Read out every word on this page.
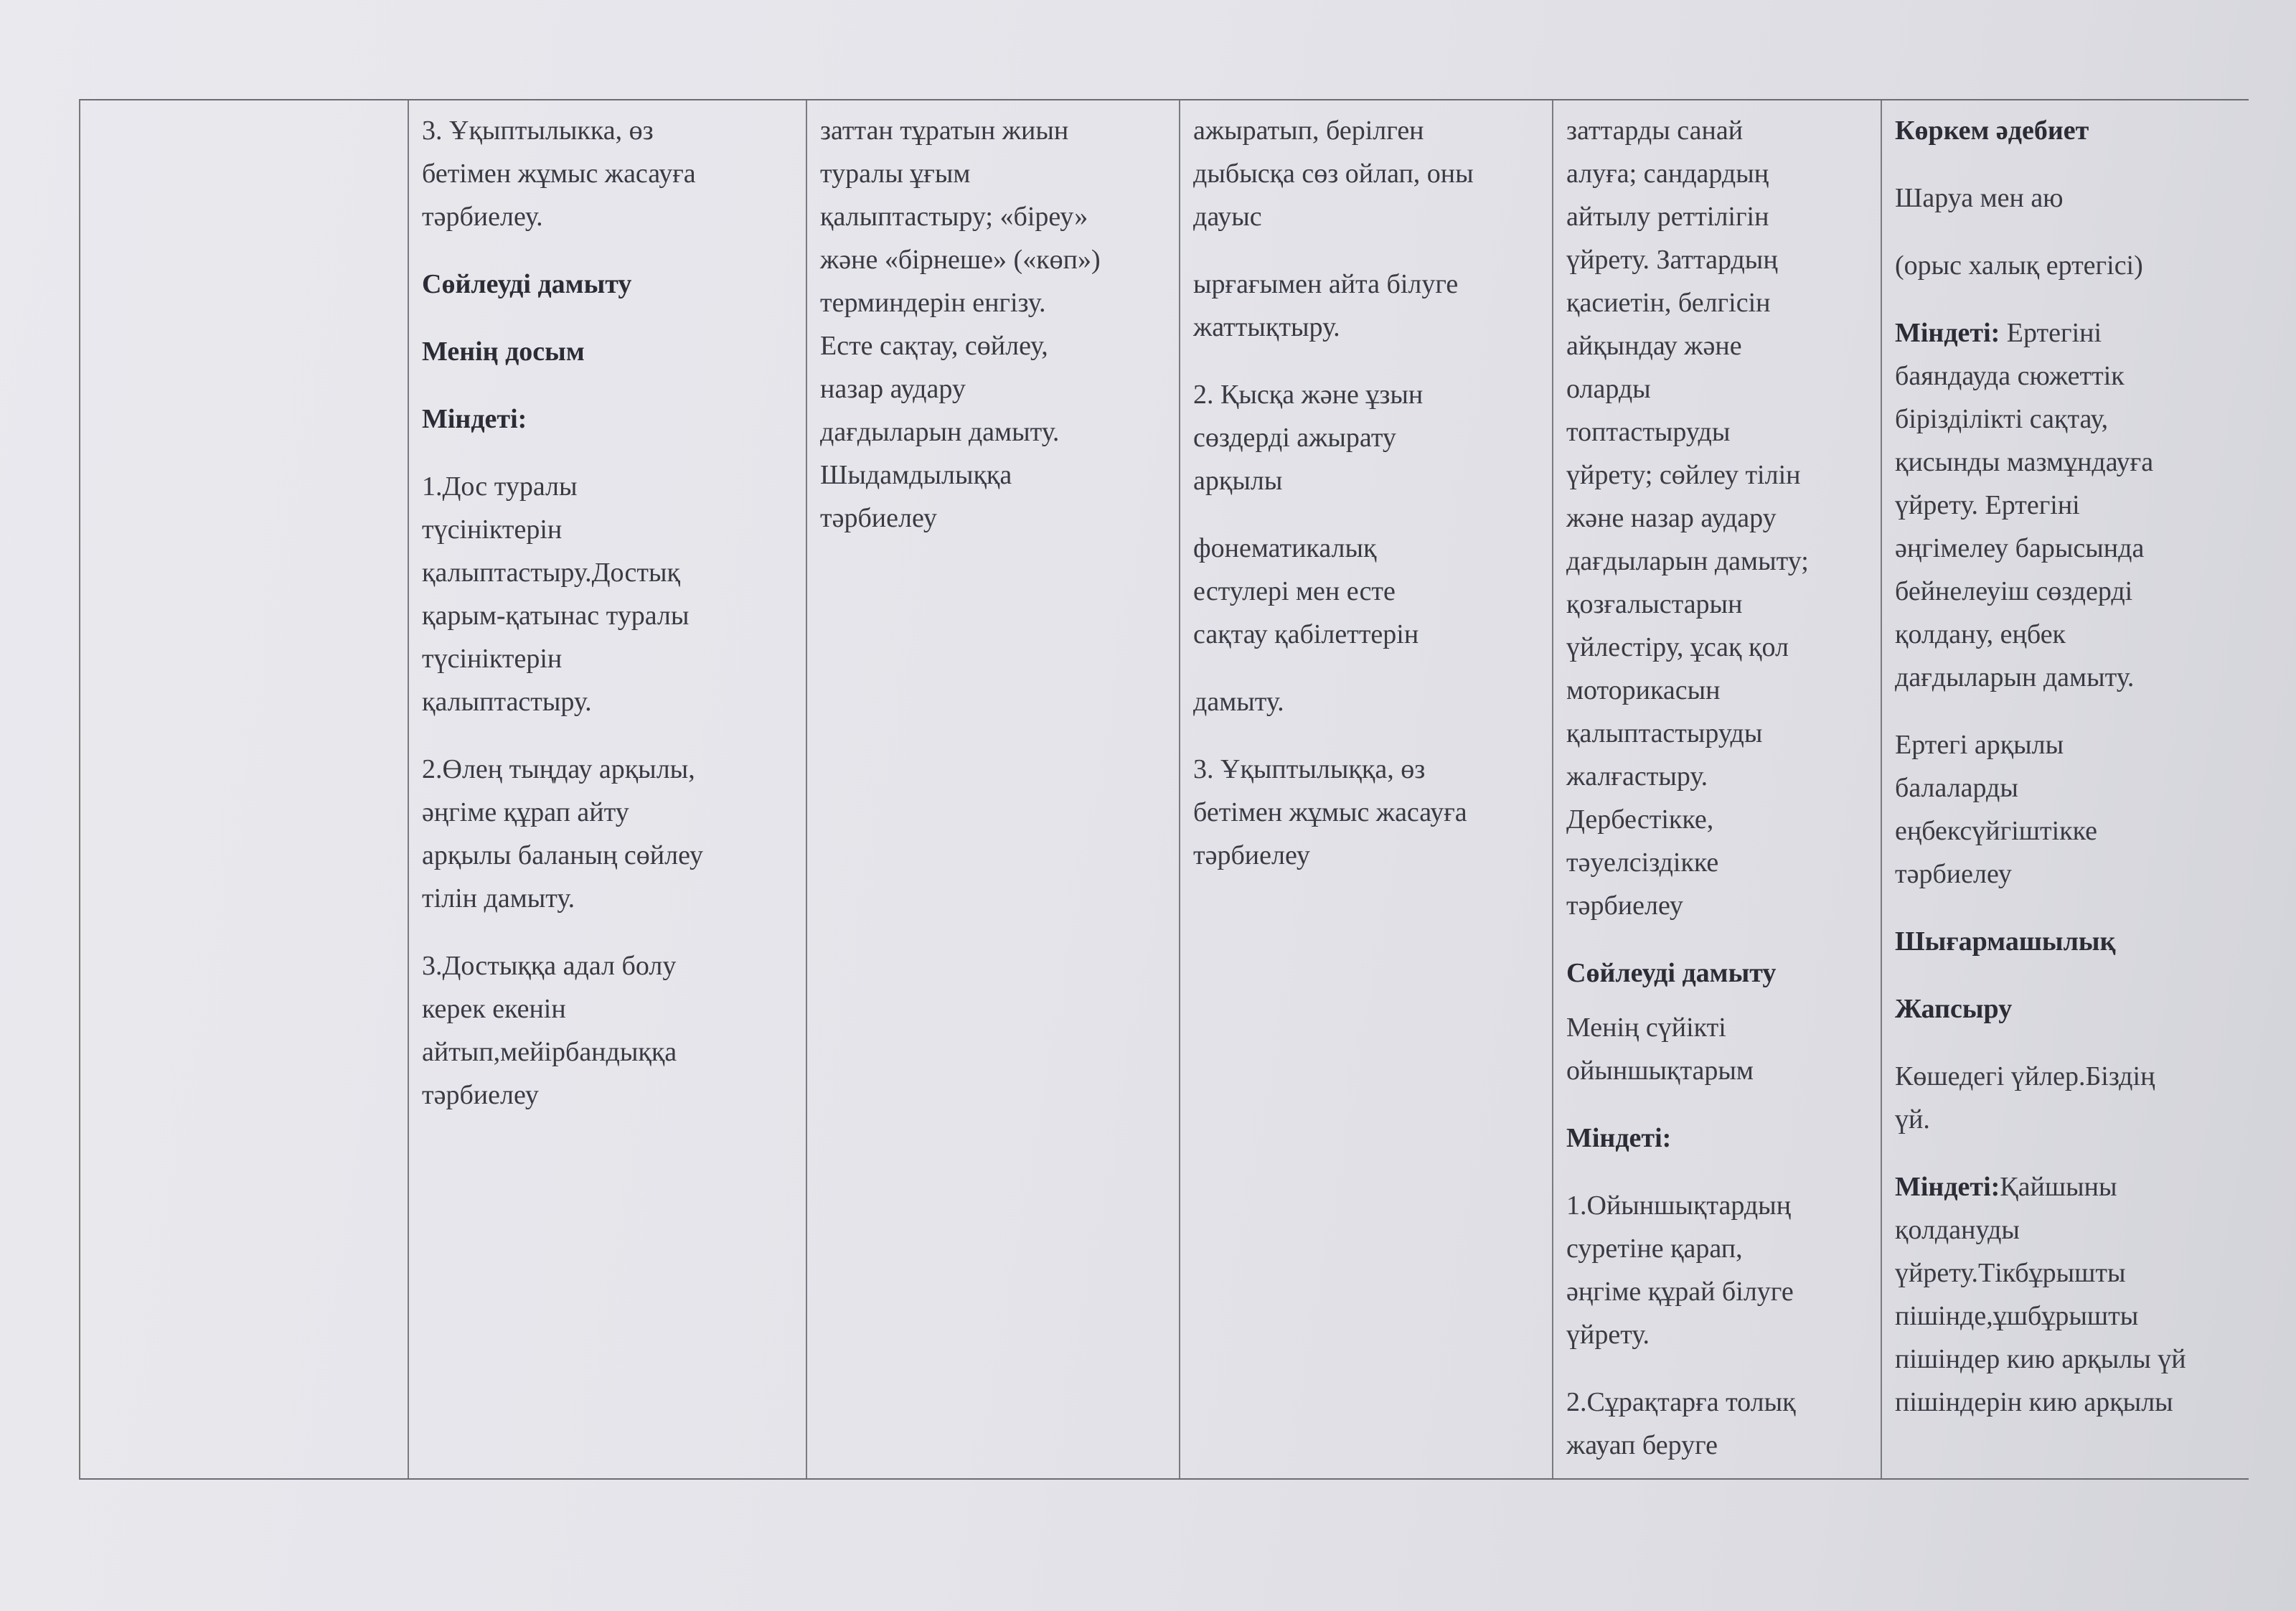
3. Ұқыптылыкка, өз
бетімен жұмыс жасауға
тәрбиелеу.

Сөйлеуді дамыту

Менің досым

Міндеті:

1.Дос туралы
түсініктерін
қалыптастыру.Достық
қарым-қатынас туралы
түсініктерін
қалыптастыру.

2.Өлең тыңдау арқылы,
әңгіме құрап айту
арқылы баланың сөйлеу
тілін дамыту.

3.Достыққа адал болу
керек екенін
айтып,мейірбандыққа
тәрбиелеу

заттан тұратын жиын
туралы ұғым
қалыптастыру; «біреу»
және «бірнеше» («көп»)
терминдерін енгізу.
Есте сақтау, сөйлеу,
назар аудару
дағдыларын дамыту.
Шыдамдылыққа
тәрбиелеу

ажыратып, берілген
дыбысқа сөз ойлап, оны
дауыс

ырғағымен айта білуге
жаттықтыру.

2. Қысқа және ұзын
сөздерді ажырату
арқылы

фонематикалық
естулері мен есте
сақтау қабілеттерін

дамыту.

3. Ұқыптылыққа, өз
бетімен жұмыс жасауға
тәрбиелеу

заттарды санай
алуға; сандардың
айтылу реттілігін
үйрету. Заттардың
қасиетін, белгісін
айқындау және
оларды
топтастыруды
үйрету; сөйлеу тілін
және назар аудару
дағдыларын дамыту;
қозғалыстарын
үйлестіру, ұсақ қол
моторикасын
қалыптастыруды
жалғастыру.
Дербестікке,
тәуелсіздікке
тәрбиелеу

Сөйлеуді дамыту

Менің сүйікті
ойыншықтарым

Міндеті:

1.Ойыншықтардың
суретіне қарап,
әңгіме құрай білуге
үйрету.

2.Сұрақтарға толық
жауап беруге

Көркем әдебиет

Шаруа мен аю

(орыс халық ертегісі)

Міндеті: Ертегіні
баяндауда сюжеттік
бірізділікті сақтау,
қисынды мазмұндауға
үйрету. Ертегіні
әңгімелеу барысында
бейнелеуіш сөздерді
қолдану, еңбек
дағдыларын дамыту.

Ертегі арқылы
балаларды
еңбексүйгіштікке
тәрбиелеу

Шығармашылық

Жапсыру

Көшедегі үйлер.Біздің
үй.

Міндеті:Қайшыны
қолдануды
үйрету.Тікбұрышты
пішінде,ұшбұрышты
пішіндер кию арқылы үй
пішіндерін кию арқылы
